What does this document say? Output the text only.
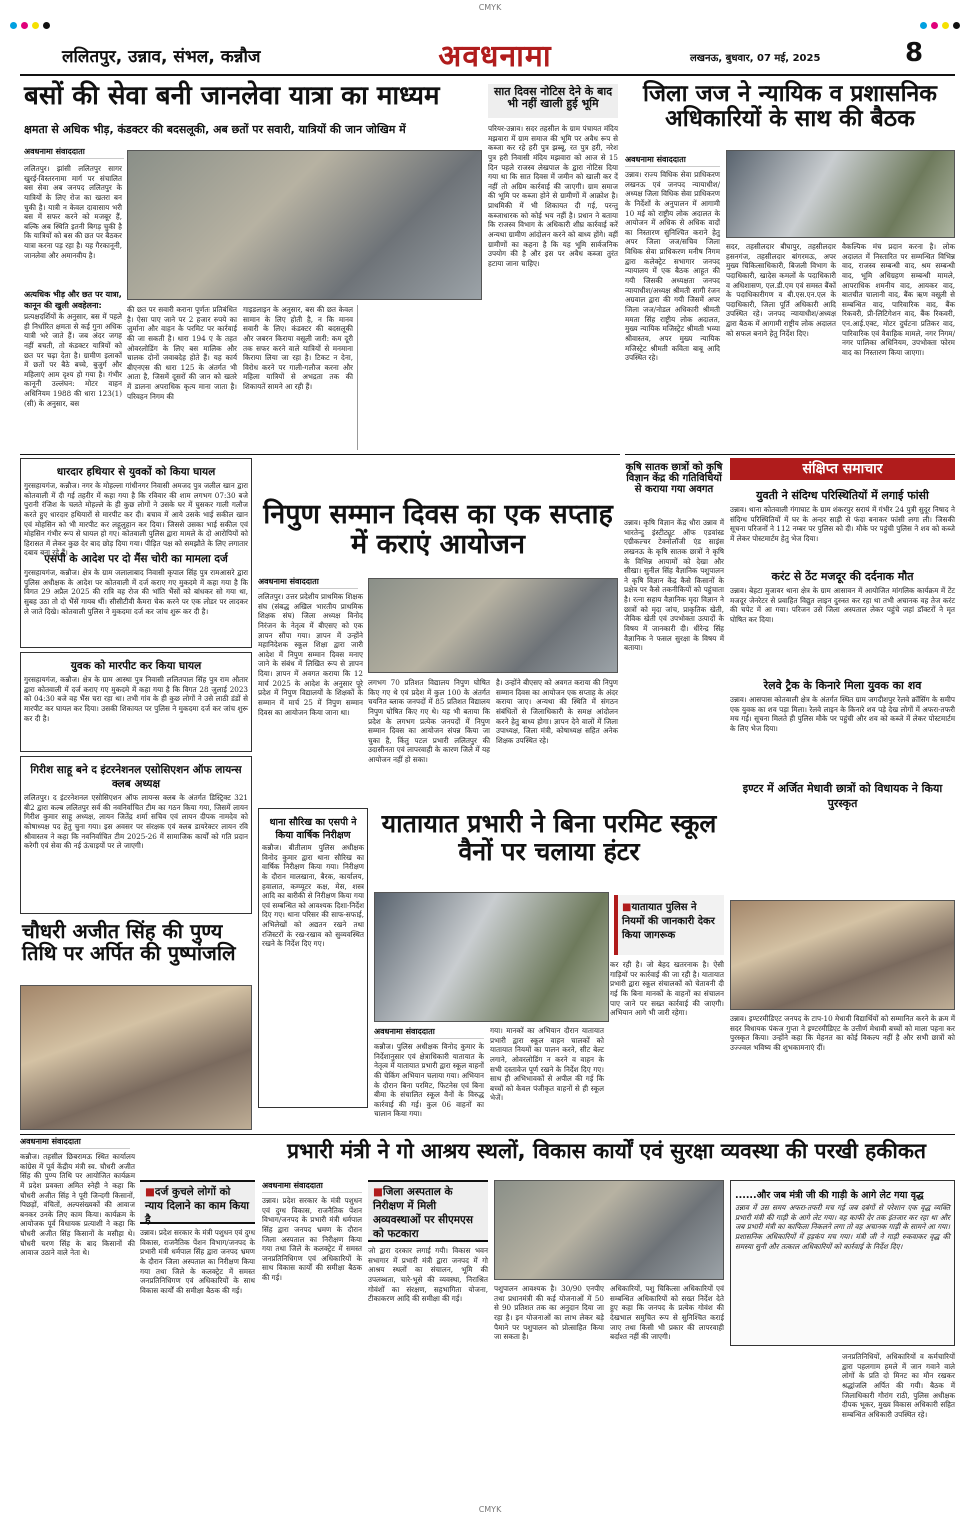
CMYK
ललितपुर, उन्नाव, संभल, कन्नौज	अवधनामा	लखनऊ, बुधवार, 07 मई, 2025	8
बसों की सेवा बनी जानलेवा यात्रा का माध्यम
क्षमता से अधिक भीड़, कंडक्टर की बदसलूकी, अब छतों पर सवारी, यात्रियों की जान जोखिम में
अवधनामा संवाददाता
ललितपुर। झांसी ललितपुर सागर खुरई-विस्तरनामा मार्ग पर संचालित बस सेवा अब जनपद ललितपुर के यात्रियों के लिए रोज का खतरा बन चुकी है। यात्री न केवल दावासाय भरी बस में सफर करने को मजबूर हैं, बल्कि अब स्थिति इतनी बिगड़ चुकी है कि यात्रियों को बस की छत पर बैठकर यात्रा करना पड़ रहा है। यह गैरकानूनी, जानलेवा और अमानवीय है।
अत्यधिक भीड़ और छत पर यात्रा, कानून की खुली अवहेलना:
प्रत्यक्षदर्शियों के अनुसार, बस में पहले ही निर्धारित क्षमता से कई गुना अधिक यात्री भरे जाते हैं। जब अंदर जगह नहीं बचती, तो कंडक्टर यात्रियों को छत पर चढ़ा देता है। ग्रामीण इलाकों में छतों पर बैठे बच्चे, बुजुर्ग और महिलाएं आम दृश्य हो गया है। गंभीर कानूनी उल्लंघन: मोटर वाहन अधिनियम 1988 की धारा 123(1)(सी) के अनुसार, बस
की छत पर सवारी कराना पूर्णतः प्रतिबंधित है। ऐसा पाए जाने पर 2 हजार रुपये का जुर्माना और वाहन के परमिट पर कार्रवाई की जा सकती है। धारा 194 ए के तहत ओवरलोडिंग के लिए बस मालिक और चालक दोनों जवाबदेह होते हैं। यह कार्य बीएनएस की धारा 125 के अंतर्गत भी आता है, जिसमें दूसरों की जान को खतरे में डालना अपराधिक कृत्य माना जाता है। परिवहन निगम की
गाइडलाइन के अनुसार, बस की छत केवल सामान के लिए होती है, न कि मानव सवारी के लिए। कंडक्टर की बदसलूकी और जबरन किराया वसूली जारी: कम दूरी तक सफर करने वाले यात्रियों से मनमाना किराया लिया जा रहा है। टिकट न देना, विरोध करने पर गाली-गलौज करना और महिला यात्रियों से अभद्रता तक की शिकायतें सामने आ रही हैं।
सात दिवस नोटिस देने के बाद भी नहीं खाली हुई भूमि
परियर-उन्नाव। सदर तहसील के ग्राम पंचायत मंदिय मझवारा में ग्राम समाज की भूमि पर अवैध रूप से कब्जा कर रहे हरी पुत्र झब्बू, रत पुत्र हरी, नरेश पुत्र हरी निवासी मंदिय मझवारा को आज से 15 दिन पहले राजस्व लेखपाल के द्वारा नोटिस दिया गया था कि सात दिवस में जमीन को खाली कर दें नहीं तो अग्रिम कार्रवाई की जाएगी। ग्राम समाज की भूमि पर कब्जा होने से ग्रामीणों में आक्रोश है। प्राथमिकी में भी शिकायत दी गई, परन्तु कब्जाधारक को कोई भय नहीं है। प्रधान ने बताया कि राजस्व विभाग के अधिकारी शीघ्र कार्रवाई करें अन्यथा ग्रामीण आंदोलन करने को बाध्य होंगे। वहीं ग्रामीणों का कहना है कि यह भूमि सार्वजनिक उपयोग की है और इस पर अवैध कब्जा तुरंत हटाया जाना चाहिए।
जिला जज ने न्यायिक व प्रशासनिक अधिकारियों के साथ की बैठक
अवधनामा संवाददाता
उन्नाव। राज्य विधिक सेवा प्राधिकरण लखनऊ एवं जनपद न्यायाधीश/अध्यक्ष जिला विधिक सेवा प्राधिकरण के निर्देशों के अनुपालन में आगामी 10 मई को राष्ट्रीय लोक अदालत के आयोजन में अधिक से अधिक वादों का निस्तारण सुनिश्चित कराने हेतु अपर जिला जज/सचिव जिला विधिक सेवा प्राधिकरण मनीष निगम द्वारा कलेक्ट्रेट सभागार जनपद न्यायालय में एक बैठक आहूत की गयी जिसकी अध्यक्षता जनपद न्यायाधीश/अध्यक्ष श्रीमती सागी रंजन अग्रवाल द्वारा की गयी जिसमें अपर जिला जज/नोडल अधिकारी श्रीमती ममता सिंह राष्ट्रीय लोक अदालत, मुख्य न्यायिक मजिस्ट्रेट श्रीमती भव्या श्रीवास्तव, अपर मुख्य न्यायिक मजिस्ट्रेट श्रीमती कविता बाबू आदि उपस्थित रहे।
सदर, तहसीलदार बीघापुर, तहसीलदार हसनगंज, तहसीलदार बांगरमऊ, अपर मुख्य चिकित्साधिकारी, बिजली विभाग के पदाधिकारी, खादेस कमलों के पदाधिकारी व अधिशासण, एल.डी.एम एवं समस्त बैंकों के पदाधिकारीगण व बी.एस.एन.एल के पदाधिकारी, जिला पूर्ति अधिकारी आदि उपस्थित रहे। जनपद न्यायाधीश/अध्यक्ष द्वारा बैठक में आगामी राष्ट्रीय लोक अदालत को सफल बनाने हेतु निर्देश दिए।
वैकल्पिक मंच प्रदान करना है। लोक अदालत में निस्तारित पर सम्मन्धित विभिन्न वाद, राजस्व सम्बन्धी वाद, श्रम सम्बन्धी वाद, भूमि अधिग्रहण सम्बन्धी मामले, आपराधिक शमनीय वाद, आयकर वाद, बातचीत चालानी वाद, बैंक ऋण वसूली से सम्बन्धित वाद, पारिवारिक वाद, बैंक रिकवरी, प्री-लिटिगेशन वाद, बैंक रिकवरी, एन.आई.एक्ट, मोटर दुर्घटना प्रतिकर वाद, पारिवारिक एवं वैवाहिक मामले, नगर निगम/नगर पालिका अधिनियम, उपभोक्ता फोरम वाद का निस्तारण किया जाएगा।
धारदार हथियार से युवकों को किया घायल
गुरसहायगंज, कन्नौज। नगर के मोहल्ला गांधीनगर निवासी अमजद पुत्र जलील खान द्वारा कोतवाली में दी गई तहरीर में कहा गया है कि रविवार की शाम लगभग 07:30 बजे पुरानी रंजिश के चलते मोहल्ले के ही कुछ लोगों ने उसके घर में घुसकर गाली गलौज करते हुए धारदार हथियारों से मारपीट कर दी। बचाव में आये उसके भाई सकील खान एवं मोहसिन को भी मारपीट कर लहूलुहान कर दिया। जिससे उसका भाई सकील एवं मोहसिन गंभीर रूप से घायल हो गए। कोतवाली पुलिस द्वारा मामले के दो आरोपियों को हिरासत में लेकर कुछ देर बाद छोड़ दिया गया। पीड़ित पक्ष को समझौते के लिए लगातार दबाव बना रहे हैं।
एसपी के आदेश पर दो मैंस चोरी का मामला दर्ज
गुरसहायगंज, कन्नौज। क्षेत्र के ग्राम जलालाबाद निवासी कृपाल सिंह पुत्र रामआसरे द्वारा पुलिस अधीक्षक के आदेश पर कोतवाली में दर्ज कराए गए मुकदमे में कहा गया है कि विगत 29 अप्रैल 2025 की रात्रि वह रोज की भांति भैंसों को बांधकर सो गया था, सुबह उठा तो दो भैंसें गायब थीं। सीसीटीवी कैमरा चेक करने पर एक लोडर पर लादकर ले जाते दिखे। कोतवाली पुलिस ने मुकदमा दर्ज कर जांच शुरू कर दी है।
युवक को मारपीट कर किया घायल
गुरसहायगंज, कन्नौज। क्षेत्र के ग्राम आस्था पुत्र निवासी ललितपाल सिंह पुत्र राम औतार द्वारा कोतवाली में दर्ज कराए गए मुकदमे में कहा गया है कि विगत 28 जुलाई 2023 को 04:30 बजे वह भैंस चरा रहा था। तभी गांव के ही कुछ लोगों ने उसे लाठी डंडों से मारपीट कर घायल कर दिया। उसकी शिकायत पर पुलिस ने मुकदमा दर्ज कर जांच शुरू कर दी है।
गिरीश साहू बने द इंटरनेशनल एसोसिएशन ऑफ लायन्स क्लब अध्यक्ष
ललितपुर। द इंटरनेशनल एसोसिएशन ऑफ लायन्स क्लब के अंतर्गत डिस्ट्रिक्ट 321 बी2 द्वारा कल्ब ललितपुर सर्व की नवनिर्वाचित टीम का गठन किया गया, जिसमें लायन गिरीश कुमार साहू अध्यक्ष, लायन जितेंद्र शर्मा सचिव एवं लायन दीपक नामदेव को कोषाध्यक्ष पद हेतु चुना गया। इस अवसर पर संरक्षक एवं क्लब डायरेक्टर लायन रवि श्रीवास्तव ने कहा कि नवनिर्वाचित टीम 2025-26 में सामाजिक कार्यों को गति प्रदान करेगी एवं सेवा की नई ऊंचाइयों पर ले जाएगी।
चौधरी अजीत सिंह की पुण्य तिथि पर अर्पित की पुष्पांजलि
अवधनामा संवाददाता
कन्नौज। तहसील छिबरामऊ स्थित कार्यालय कांग्रेस में पूर्व केंद्रीय मंत्री स्व. चौधरी अजीत सिंह की पुण्य तिथि पर आयोजित कार्यक्रम में प्रदेश प्रवक्ता अमित स्नेही ने कहा कि चौधरी अजीत सिंह ने पूरी जिन्दगी किसानों, पिछड़ों, वंचितों, अल्पसंख्यकों की आवाज बनकर उनके लिए काम किया। कार्यक्रम के आयोजक पूर्व विधायक प्रत्याशी ने कहा कि चौधरी अजीत सिंह किसानों के मसीहा थे। चौधरी चरण सिंह के बाद किसानों की आवाज उठाने वाले नेता थे।
निपुण सम्मान दिवस का एक सप्ताह में कराएं आयोजन
अवधनामा संवाददाता
ललितपुर। उत्तर प्रदेशीय प्राथमिक शिक्षक संघ (संबद्ध अखिल भारतीय प्राथमिक शिक्षक संघ) जिला अध्यक्ष विनोद निरंजन के नेतृत्व में बीएसए को एक ज्ञापन सौंपा गया। ज्ञापन में उन्होंने महानिदेशक स्कूल शिक्षा द्वारा जारी आदेश में निपुण सम्मान दिवस मनाए जाने के संबंध में लिखित रूप से ज्ञापन दिया। ज्ञापन में अवगत कराया कि 12 मार्च 2025 के आदेश के अनुसार पूरे प्रदेश में निपुण विद्यालयों के शिक्षकों के सम्मान में मार्च 25 में निपुण सम्मान दिवस का आयोजन किया जाना था।
लगभग 70 प्रतिशत विद्यालय निपुण घोषित किए गए थे एवं प्रदेश में कुल 100 के अंतर्गत चयनित ब्लाक जनपदों में 85 प्रतिशत विद्यालय निपुण घोषित किए गए थे। यह भी बताया कि प्रदेश के लगभग प्रत्येक जनपदों में निपुण सम्मान दिवस का आयोजन संपन्न किया जा चुका है, किंतु पटल प्रभारी ललितपुर की उदासीनता एवं लापरवाही के कारण जिले में यह आयोजन नहीं हो सका।
है। उन्होंने बीएसए को अवगत कराया की निपुण सम्मान दिवस का आयोजन एक सप्ताह के अंदर कराया जाए। अन्यथा की स्थिति में संगठन संबंधितों से जिलाधिकारी के समक्ष आंदोलन करने हेतु बाध्य होगा। ज्ञापन देने वालों में जिला उपाध्यक्ष, जिला मंत्री, कोषाध्यक्ष सहित अनेक शिक्षक उपस्थित रहे।
कृषि सातक छात्रों को कृषि विज्ञान केंद्र की गतिविधियों से कराया गया अवगत
उन्नाव। कृषि विज्ञान केंद्र धौरा उन्नाव में भारतेन्दु इंस्टीट्यूट ऑफ एडवांस्ड एग्रीकल्चर टेक्नोलॉजी एंड साइंस लखनऊ के कृषि सातक छात्रों ने कृषि के विभिन्न आयामों को देखा और सीखा। सुनील सिंह वैज्ञानिक पशुपालन ने कृषि विज्ञान केंद्र कैसे किसानों के प्रक्षेत्र पर कैसे तकनीकियों को पहुंचाता है। रत्ना सहाय वैज्ञानिक मृदा विज्ञान ने छात्रों को मृदा जांच, प्राकृतिक खेती, जैविक खेती एवं उपभोक्ता उत्पादों के विषय में जानकारी दी। धीरेन्द्र सिंह वैज्ञानिक ने फसल सुरक्षा के विषय में बताया।
संक्षिप्त समाचार
युवती ने संदिग्ध परिस्थितियों में लगाई फांसी
उन्नाव। थाना कोतवाली गंगाघाट के ग्राम शंकरपुर सरायं में गंभीर 24 पुत्री सुदूर निषाद ने संदिग्ध परिस्थितियों में घर के अन्दर साड़ी से फंदा बनाकर फांसी लगा ली। जिसकी सूचना परिजनों ने 112 नम्बर पर पुलिस को दी। मौके पर पहुंची पुलिस ने शव को कब्जे में लेकर पोस्टमार्टम हेतु भेज दिया।
करंट से ठेंट मजदूर की दर्दनाक मौत
उन्नाव। बेहटा मुजावर थाना क्षेत्र के ग्राम आसावन में आयोजित मांगलिक कार्यक्रम में टेंट मजदूर जेनरेटर से प्रवाहित विद्युत लाइन दुरुस्त कर रहा था तभी अचानक वह तेज करंट की चपेट में आ गया। परिजन उसे जिला अस्पताल लेकर पहुंचे जहां डॉक्टरों ने मृत घोषित कर दिया।
रेलवे ट्रैक के किनारे मिला युवक का शव
उन्नाव। आसपास कोतवाली क्षेत्र के अंतर्गत स्थित ग्राम जगदीशपुर रेलवे क्रॉसिंग के समीप एक युवक का शव पड़ा मिला। रेलवे लाइन के किनारे शव पड़े देख लोगों में अफरा-तफरी मच गई। सूचना मिलते ही पुलिस मौके पर पहुंची और शव को कब्जे में लेकर पोस्टमार्टम के लिए भेज दिया।
इण्टर में अर्जित मेधावी छात्रों को विधायक ने किया पुरस्कृत
उन्नाव। इण्टरमीडिएट जनपद के टाप-10 मेधावी विद्यार्थियों को सम्मानित करने के क्रम में सदर विधायक पंकज गुप्ता ने इण्टरमीडिएट के उत्तीर्ण मेधावी बच्चों को माला पहना कर पुरस्कृत किया। उन्होंने कहा कि मेहनत का कोई विकल्प नहीं है और सभी छात्रों को उज्ज्वल भविष्य की शुभकामनाएं दीं।
थाना सौरिख का एसपी ने किया वार्षिक निरीक्षण
कन्नौज। बीतीलाम पुलिस अधीक्षक विनोद कुमार द्वारा थाना सौरिख का वार्षिक निरीक्षण किया गया। निरीक्षण के दौरान मालखाना, बैरक, कार्यालय, हवालात, कम्प्यूटर कक्ष, मेस, शस्त्र आदि का बारीकी से निरीक्षण किया गया एवं सम्बन्धित को आवश्यक दिशा-निर्देश दिए गए। थाना परिसर की साफ-सफाई, अभिलेखों को अद्यतन रखने तथा रजिस्टरों के रख-रखाव को सुव्यवस्थित रखने के निर्देश दिए गए।
यातायात प्रभारी ने बिना परमिट स्कूल वैनों पर चलाया हंटर
■ यातायात पुलिस ने नियमों की जानकारी देकर किया जागरूक
अवधनामा संवाददाता
कन्नौज। पुलिस अधीक्षक विनोद कुमार के निर्देशानुसार एवं क्षेत्राधिकारी यातायात के नेतृत्व में यातायात प्रभारी द्वारा स्कूल वाहनों की चेकिंग अभियान चलाया गया। अभियान के दौरान बिना परमिट, फिटनेस एवं बिना बीमा के संचालित स्कूल वैनों के विरुद्ध कार्रवाई की गई। कुल 06 वाहनों का चालान किया गया।
गया। मानकों का अभियान दौरान यातायात प्रभारी द्वारा स्कूल वाहन चालकों को यातायात नियमों का पालन करने, सीट बेल्ट लगाने, ओवरलोडिंग न करने व वाहन के सभी दस्तावेज पूर्ण रखने के निर्देश दिए गए। साथ ही अभिभावकों से अपील की गई कि बच्चों को केवल पंजीकृत वाहनों से ही स्कूल भेजें।
कर रही है। जो बेहद खतरनाक है। ऐसी गाड़ियों पर कार्रवाई की जा रही है। यातायात प्रभारी द्वारा स्कूल संचालकों को चेतावनी दी गई कि बिना मानकों के वाहनों का संचालन पाए जाने पर सख्त कार्रवाई की जाएगी। अभियान आगे भी जारी रहेगा।
प्रभारी मंत्री ने गो आश्रय स्थलों, विकास कार्यों एवं सुरक्षा व्यवस्था की परखी हकीकत
■ दर्ज कुचले लोगों को न्याय दिलाने का काम किया है
उन्नाव। प्रदेश सरकार के मंत्री पशुधन एवं दुग्ध विकास, राजनैतिक पेंशन विभाग/जनपद के प्रभारी मंत्री धर्मपाल सिंह द्वारा जनपद भ्रमण के दौरान जिला अस्पताल का निरीक्षण किया गया तथा जिले के कलक्ट्रेट में समस्त जनप्रतिनिधिगण एवं अधिकारियों के साथ विकास कार्यों की समीक्षा बैठक की गई।
अवधनामा संवाददाता
उन्नाव। प्रदेश सरकार के मंत्री पशुधन एवं दुग्ध विकास, राजनैतिक पेंशन विभाग/जनपद के प्रभारी मंत्री धर्मपाल सिंह द्वारा जनपद भ्रमण के दौरान जिला अस्पताल का निरीक्षण किया गया तथा जिले के कलक्ट्रेट में समस्त जनप्रतिनिधिगण एवं अधिकारियों के साथ विकास कार्यों की समीक्षा बैठक की गई।
■ जिला अस्पताल के निरीक्षण में मिली अव्यवस्थाओं पर सीएमएस को फटकारा
जो द्वारा दरकार लगाई गयी। विकास भवन सभागार में प्रभारी मंत्री द्वारा जनपद में गो आश्रय स्थलों का संचालन, भूमि की उपलब्धता, चारे-भूसे की व्यवस्था, निराश्रित गोवंशों का संरक्षण, सहभागिता योजना, टीकाकरण आदि की समीक्षा की गई।
पशुपालन आवश्यक है। 30/90 एनपीए तथा प्रधानमंत्री की कई योजनाओं में 50 से 90 प्रतिशत तक का अनुदान दिया जा रहा है। इन योजनाओं का लाभ लेकर बड़े पैमाने पर पशुपालन को प्रोत्साहित किया जा सकता है।
अधिकारियों, पशु चिकित्सा अधिकारियों एवं सम्बन्धित अधिकारियों को सख्त निर्देश देते हुए कहा कि जनपद के प्रत्येक गोवंश की देखभाल समुचित रूप से सुनिश्चित कराई जाए तथा किसी भी प्रकार की लापरवाही बर्दाश्त नहीं की जाएगी।
जनप्रतिनिधियों, अधिकारियों व कर्मचारियों द्वारा पहलगाम हमले में जान गवाने वाले लोगों के प्रति दो मिनट का मौन रखकर श्रद्धांजलि अर्पित की गयी। बैठक में जिलाधिकारी गौरांग राठी, पुलिस अधीक्षक दीपक भूकर, मुख्य विकास अधिकारी सहित सम्बन्धित अधिकारी उपस्थित रहे।
......और जब मंत्री जी की गाड़ी के आगे लेट गया वृद्ध
उन्नाव में उस समय अफरा-तफरी मच गई जब दबंगों से परेशान एक वृद्ध व्यक्ति प्रभारी मंत्री की गाड़ी के आगे लेट गया। वह काफी देर तक इंतजार कर रहा था और जब प्रभारी मंत्री का काफिला निकलने लगा तो वह अचानक गाड़ी के सामने आ गया। प्रशासनिक अधिकारियों में हड़कंप मच गया। मंत्री जी ने गाड़ी रुकवाकर वृद्ध की समस्या सुनी और तत्काल अधिकारियों को कार्रवाई के निर्देश दिए।
CMYK
